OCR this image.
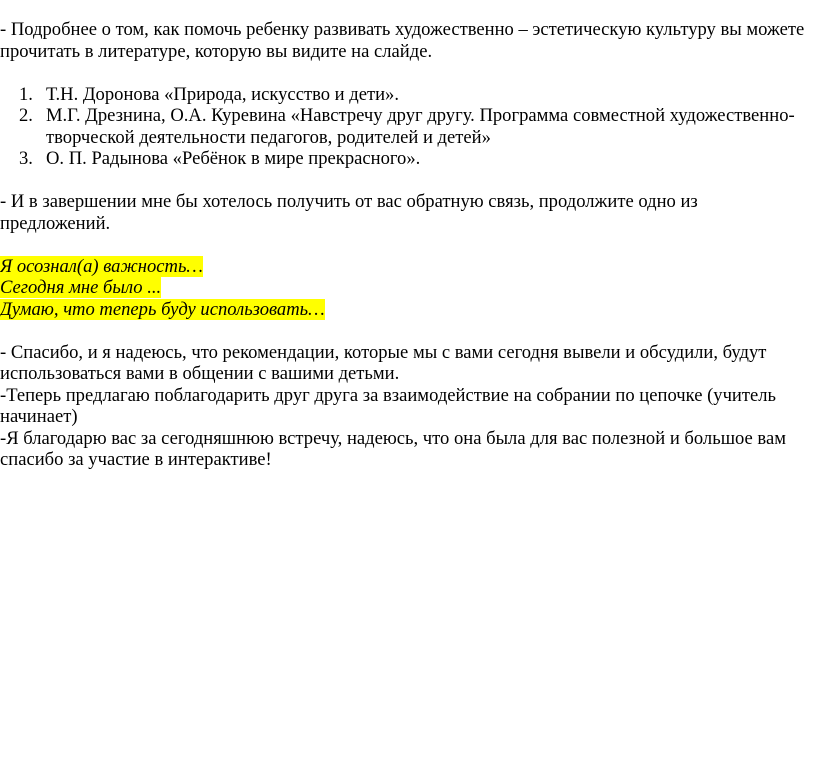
- Подробнее о том, как помочь ребенку развивать художественно – эстетическую культуру вы можете прочитать в литературе, которую вы видите на слайде.

1. Т.Н. Доронова «Природа, искусство и дети».
2. М.Г. Дрезнина, О.А. Куревина «Навстречу друг другу. Программа совместной художественно-творческой деятельности педагогов, родителей и детей»
3. О. П. Радынова «Ребёнок в мире прекрасного».

- И в завершении мне бы хотелось получить от вас обратную связь, продолжите одно из предложений.

Я осознал(а) важность…

Сегодня мне было ...

Думаю, что теперь буду использовать…

- Спасибо, и я надеюсь, что рекомендации, которые мы с вами сегодня вывели и обсудили, будут использоваться вами в общении с вашими детьми.

-Теперь предлагаю поблагодарить друг друга за взаимодействие на собрании по цепочке (учитель начинает)

-Я благодарю вас за сегодняшнюю встречу, надеюсь, что она была для вас полезной и большое вам спасибо за участие в интерактиве!
